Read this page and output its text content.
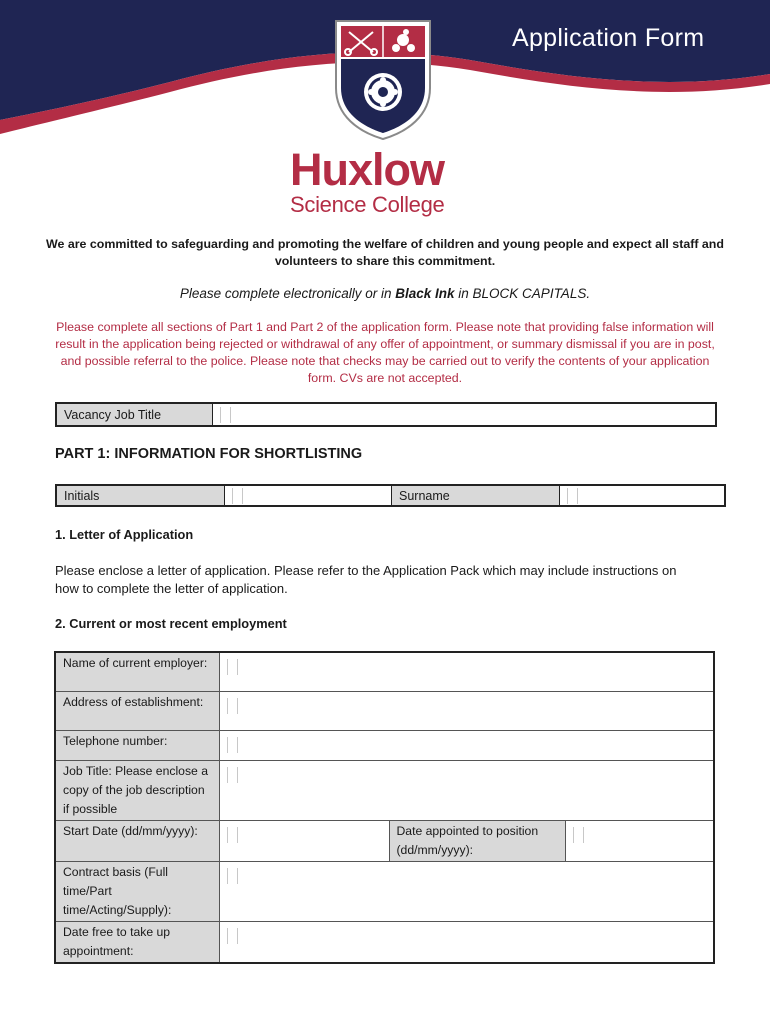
Application Form
Huxlow
Science College
We are committed to safeguarding and promoting the welfare of children and young people and expect all staff and volunteers to share this commitment.
Please complete electronically or in Black Ink in BLOCK CAPITALS.
Please complete all sections of Part 1 and Part 2 of the application form. Please note that providing false information will result in the application being rejected or withdrawal of any offer of appointment, or summary dismissal if you are in post, and possible referral to the police. Please note that checks may be carried out to verify the contents of your application form. CVs are not accepted.
Vacancy Job Title
PART 1: INFORMATION FOR SHORTLISTING
Initials	Surname
1. Letter of Application
Please enclose a letter of application. Please refer to the Application Pack which may include instructions on how to complete the letter of application.
2. Current or most recent employment
Name of current employer:			
Address of establishment:			
Telephone number:			
Job Title: Please enclose a copy of the job description if possible			
Start Date (dd/mm/yyyy):		Date appointed to position (dd/mm/yyyy):	
Contract basis (Full time/Part time/Acting/Supply):			
Date free to take up appointment:			
